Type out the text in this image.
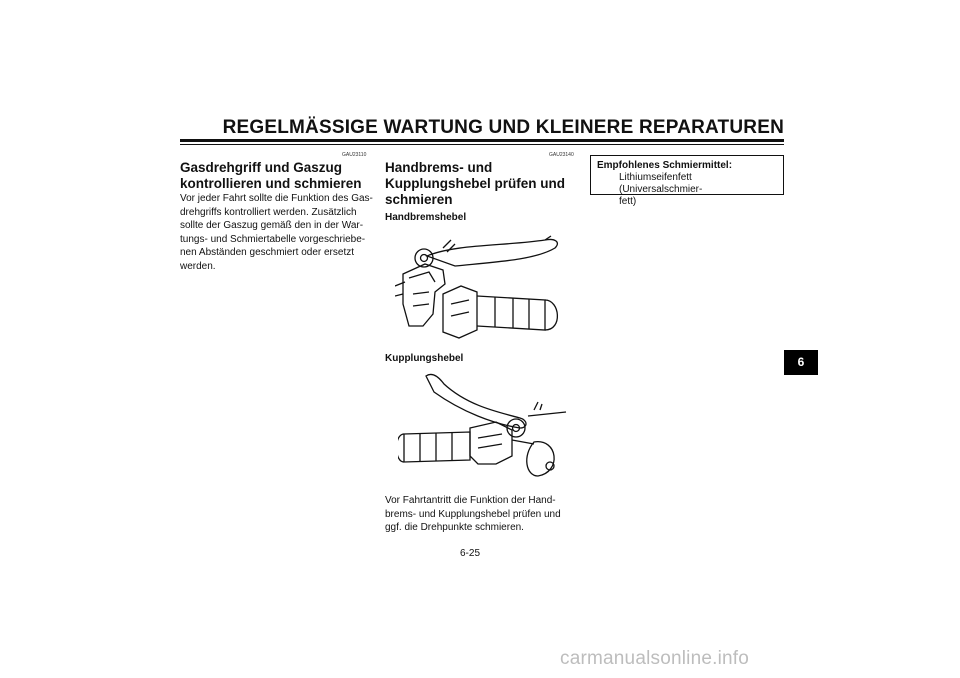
REGELMÄSSIGE WARTUNG UND KLEINERE REPARATUREN
GAU23110
Gasdrehgriff und Gaszug
kontrollieren und schmieren
Vor jeder Fahrt sollte die Funktion des Gas-
drehgriffs kontrolliert werden. Zusätzlich
sollte der Gaszug gemäß den in der War-
tungs- und Schmiertabelle vorgeschriebe-
nen Abständen geschmiert oder ersetzt
werden.
GAU23140
Handbrems- und
Kupplungshebel prüfen und
schmieren
Handbremshebel
Kupplungshebel
Vor Fahrtantritt die Funktion der Hand-
brems- und Kupplungshebel prüfen und
ggf. die Drehpunkte schmieren.
Empfohlenes Schmiermittel:
Lithiumseifenfett (Universalschmier-
fett)
6
6-25
carmanualsonline.info
